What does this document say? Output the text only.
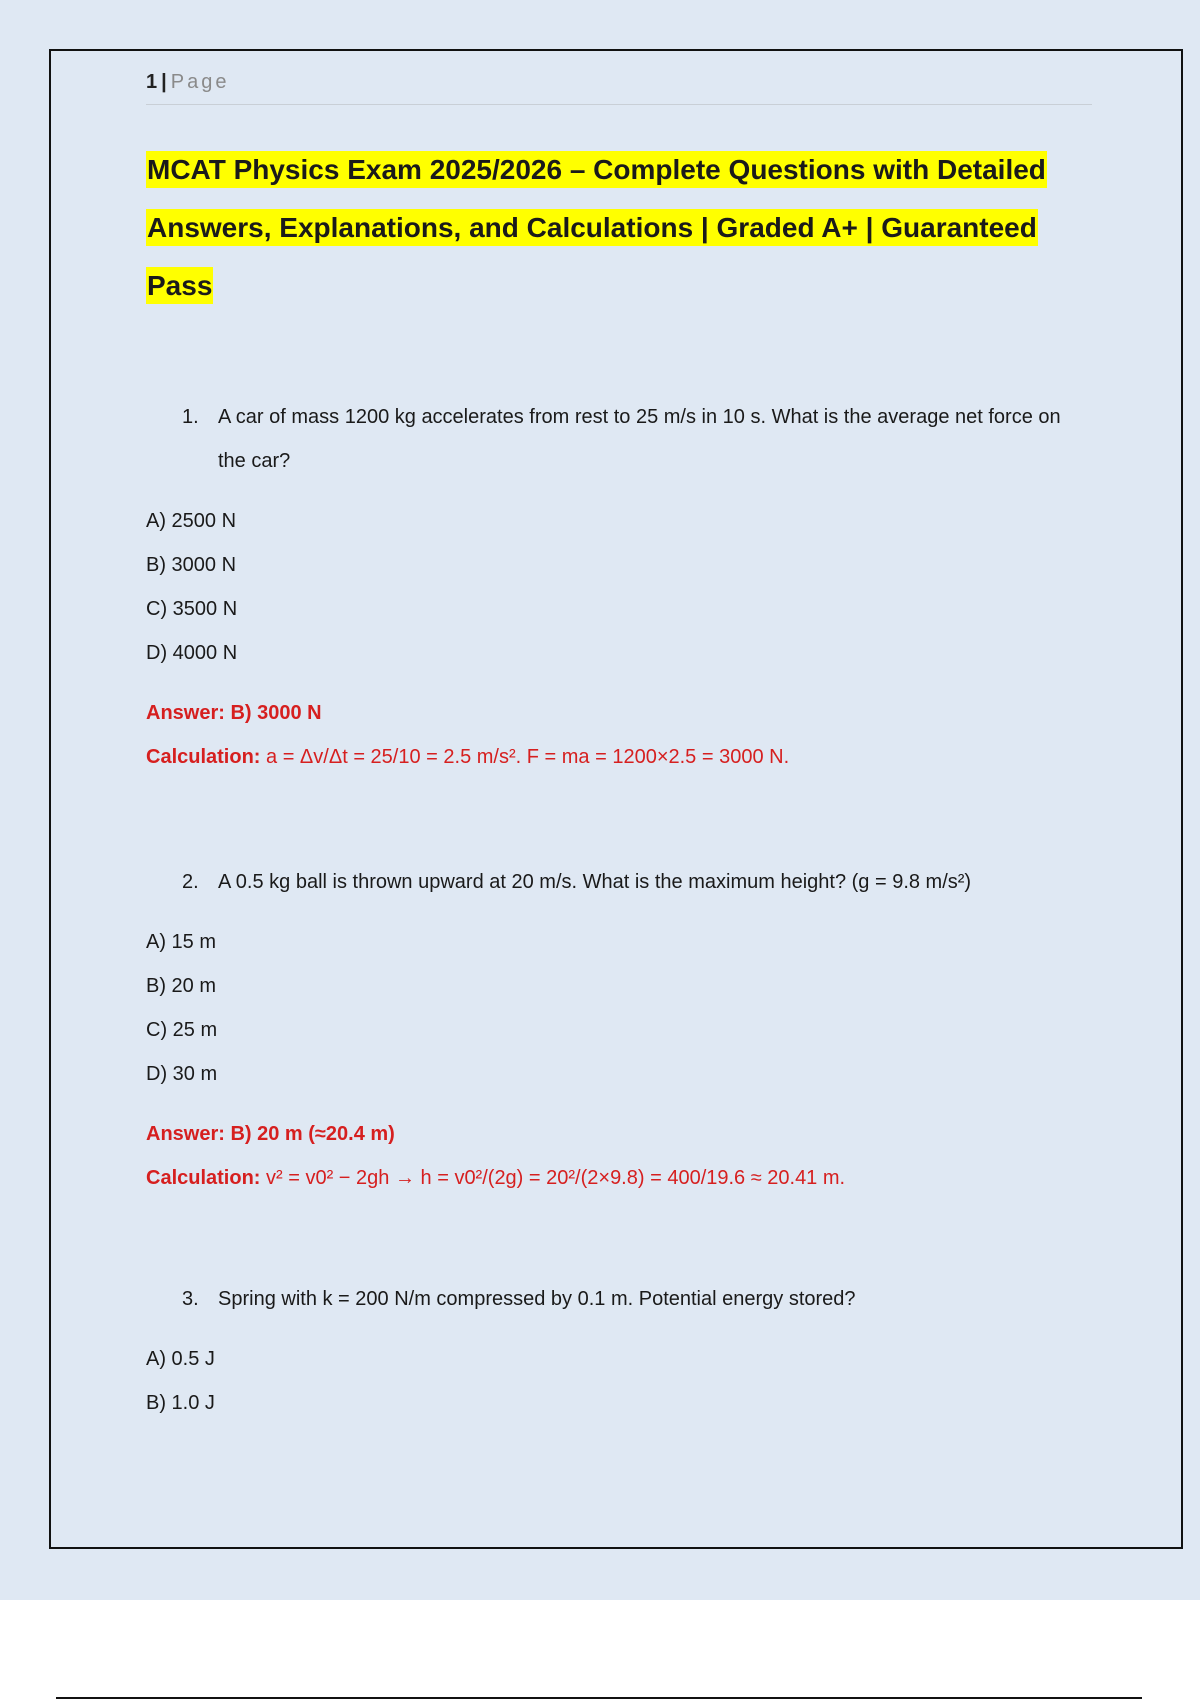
1 | Page
MCAT Physics Exam 2025/2026 – Complete Questions with Detailed
Answers, Explanations, and Calculations | Graded A+ | Guaranteed
Pass
1. A car of mass 1200 kg accelerates from rest to 25 m/s in 10 s. What is the average net force on the car?
A) 2500 N
B) 3000 N
C) 3500 N
D) 4000 N
Answer: B) 3000 N
Calculation: a = Δv/Δt = 25/10 = 2.5 m/s². F = ma = 1200×2.5 = 3000 N.
2. A 0.5 kg ball is thrown upward at 20 m/s. What is the maximum height? (g = 9.8 m/s²)
A) 15 m
B) 20 m
C) 25 m
D) 30 m
Answer: B) 20 m (≈20.4 m)
Calculation: v² = v0² − 2gh → h = v0²/(2g) = 20²/(2×9.8) = 400/19.6 ≈ 20.41 m.
3. Spring with k = 200 N/m compressed by 0.1 m. Potential energy stored?
A) 0.5 J
B) 1.0 J
